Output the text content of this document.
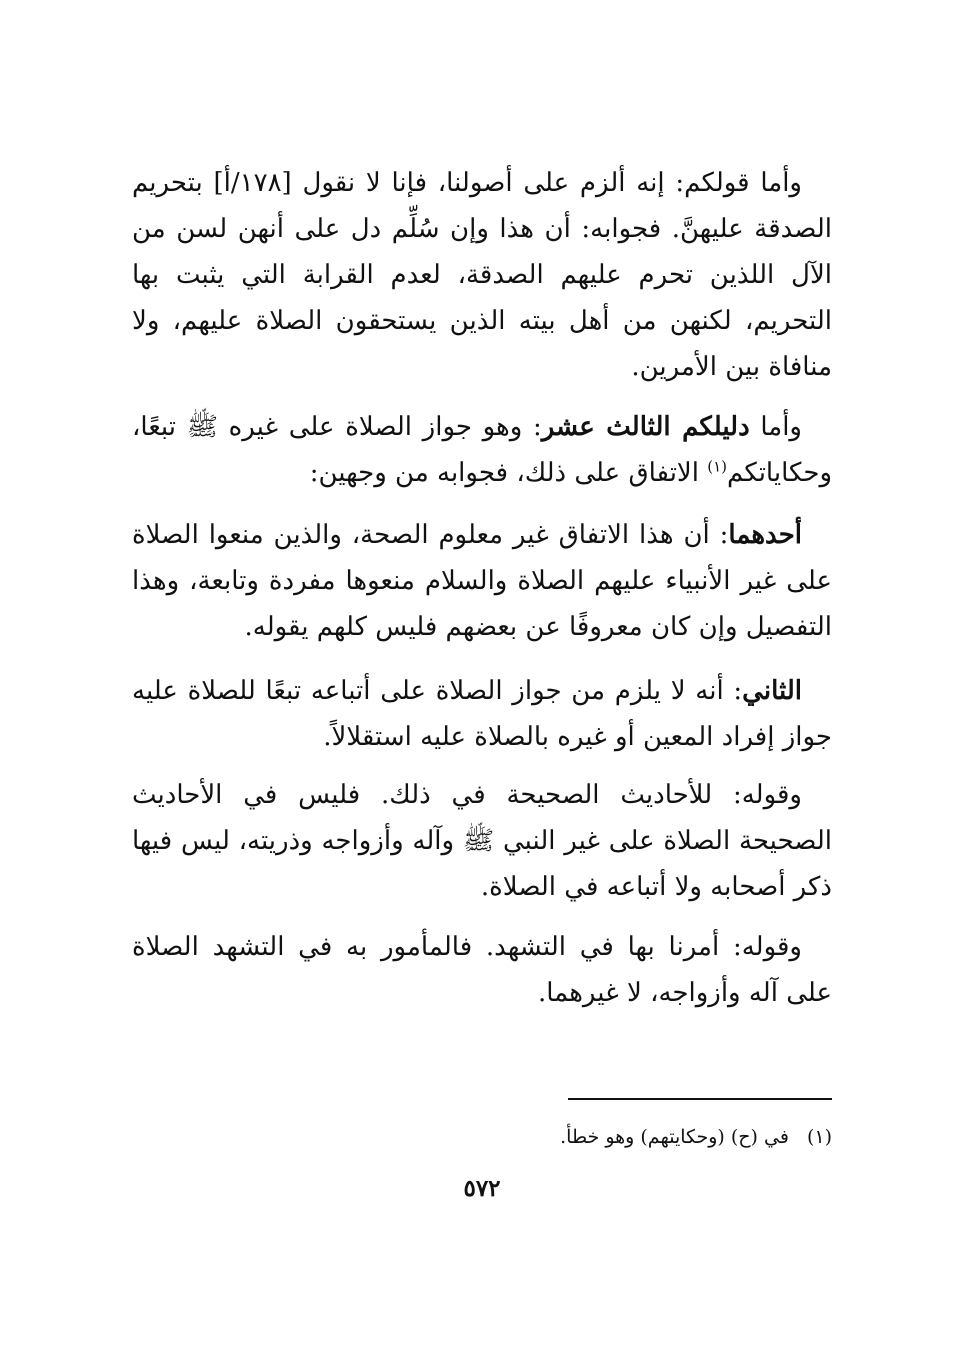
وأما قولكم: إنه ألزم على أصولنا، فإنا لا نقول [١٧٨/أ] بتحريم الصدقة عليهنَّ. فجوابه: أن هذا وإن سُلِّم دل على أنهن لسن من الآل اللذين تحرم عليهم الصدقة، لعدم القرابة التي يثبت بها التحريم، لكنهن من أهل بيته الذين يستحقون الصلاة عليهم، ولا منافاة بين الأمرين.

وأما دليلكم الثالث عشر: وهو جواز الصلاة على غيره ﷺ تبعًا، وحكاياتكم$^{(١)}$ الاتفاق على ذلك، فجوابه من وجهين:

أحدهما: أن هذا الاتفاق غير معلوم الصحة، والذين منعوا الصلاة على غير الأنبياء عليهم الصلاة والسلام منعوها مفردة وتابعة، وهذا التفصيل وإن كان معروفًا عن بعضهم فليس كلهم يقوله.

الثاني: أنه لا يلزم من جواز الصلاة على أتباعه تبعًا للصلاة عليه جواز إفراد المعين أو غيره بالصلاة عليه استقلالاً.

وقوله: للأحاديث الصحيحة في ذلك. فليس في الأحاديث الصحيحة الصلاة على غير النبي ﷺ وآله وأزواجه وذريته، ليس فيها ذكر أصحابه ولا أتباعه في الصلاة.

وقوله: أمرنا بها في التشهد. فالمأمور به في التشهد الصلاة على آله وأزواجه، لا غيرهما.

(١)في (ح) (وحكايتهم) وهو خطأ.
٥٧٢
